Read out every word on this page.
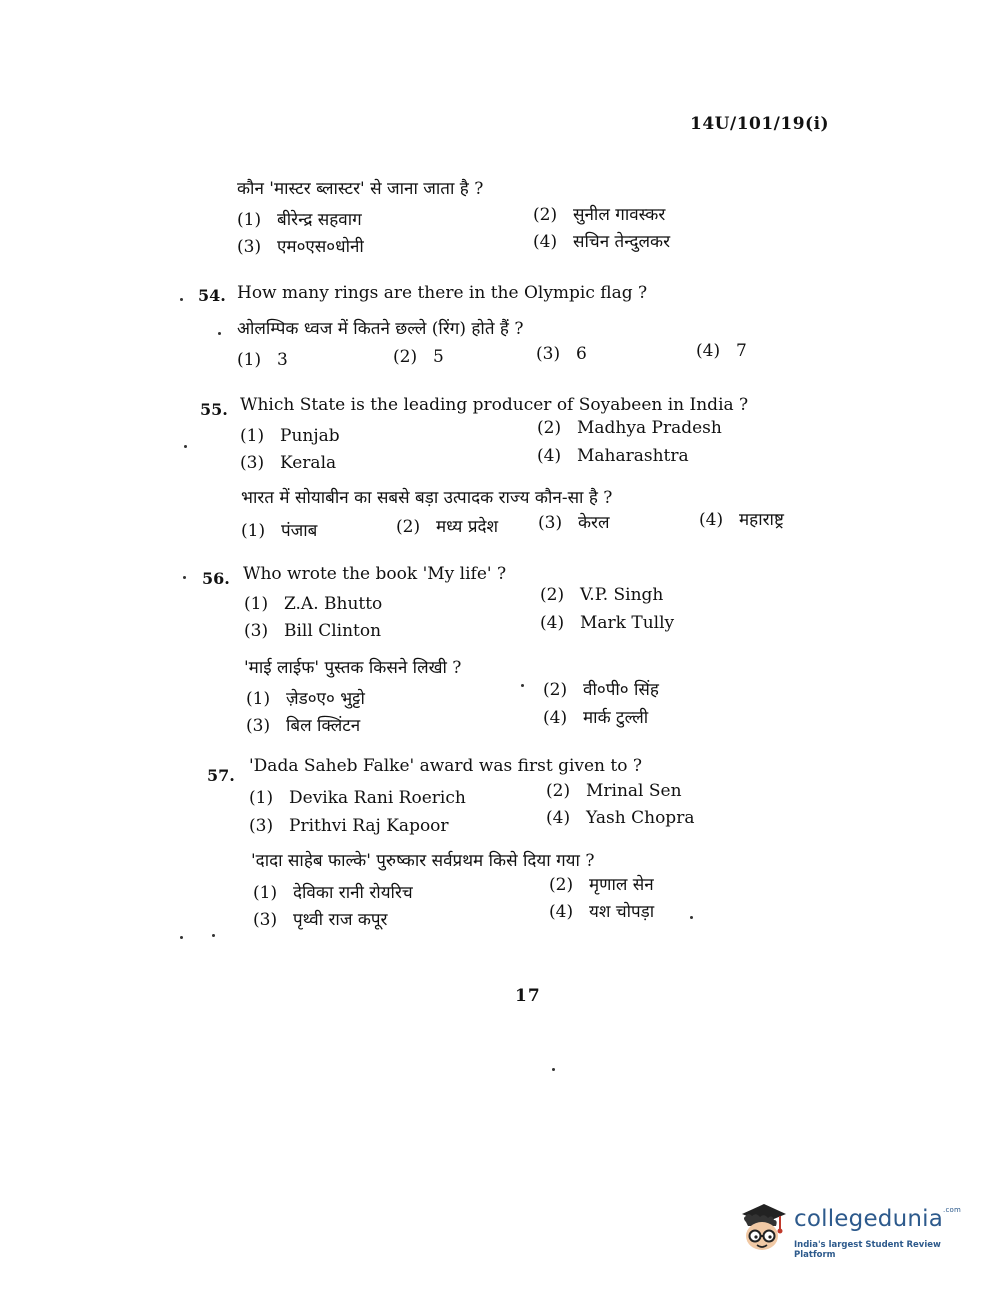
14U/101/19(i)
कौन 'मास्टर ब्लास्टर' से जाना जाता है ?
(1) बीरेन्द्र सहवाग	(2) सुनील गावस्कर
(3) एम०एस०धोनी	(4) सचिन तेन्दुलकर
54. How many rings are there in the Olympic flag ?
ओलम्पिक ध्वज में कितने छल्ले (रिंग) होते हैं ?
(1) 3	(2) 5	(3) 6	(4) 7
55. Which State is the leading producer of Soyabeen in India ?
(1) Punjab	(2) Madhya Pradesh
(3) Kerala	(4) Maharashtra
भारत में सोयाबीन का सबसे बड़ा उत्पादक राज्य कौन-सा है ?
(1) पंजाब	(2) मध्य प्रदेश (3) केरल	(4) महाराष्ट्र
56. Who wrote the book 'My life' ?
(1) Z.A. Bhutto	(2) V.P. Singh
(3) Bill Clinton	(4) Mark Tully
'माई लाईफ' पुस्तक किसने लिखी ?
(1) ज़ेड०ए० भुट्टो	(2) वी०पी० सिंह
(3) बिल क्लिंटन	(4) मार्क टुल्ली
57. 'Dada Saheb Falke' award was first given to ?
(1) Devika Rani Roerich	(2) Mrinal Sen
(3) Prithvi Raj Kapoor	(4) Yash Chopra
'दादा साहेब फाल्के' पुरुष्कार सर्वप्रथम किसे दिया गया ?
(1) देविका रानी रोयरिच	(2) मृणाल सेन
(3) पृथ्वी राज कपूर	(4) यश चोपड़ा
17
collegedunia$^{.com}$
India's largest Student Review Platform
